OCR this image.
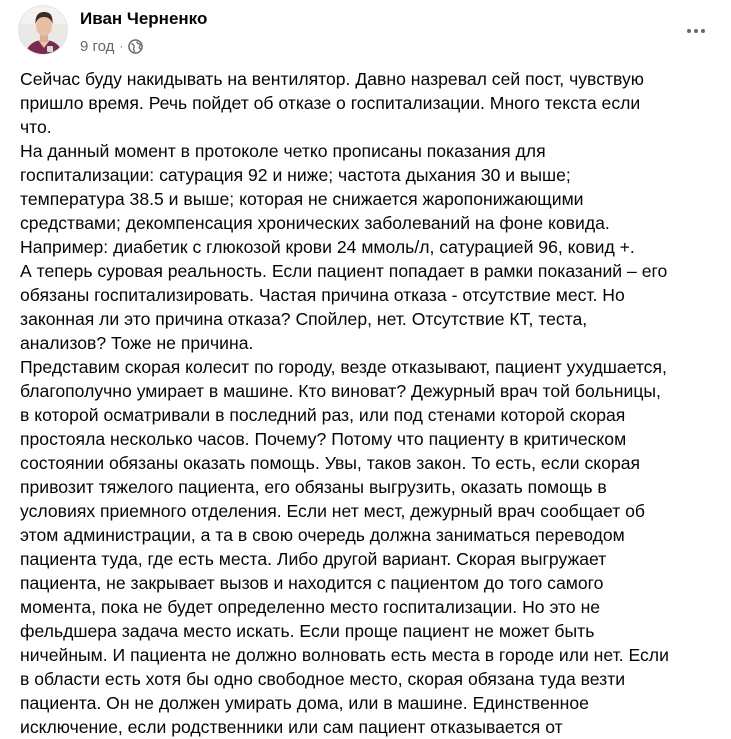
Иван Черненко
9 год ·

Сейчас буду накидывать на вентилятор. Давно назревал сей пост, чувствую

пришло время. Речь пойдет об отказе о госпитализации. Много текста если

что.

На данный момент в протоколе четко прописаны показания для

госпитализации: сатурация 92 и ниже; частота дыхания 30 и выше;

температура 38.5 и выше; которая не снижается жаропонижающими

средствами; декомпенсация хронических заболеваний на фоне ковида.

Например: диабетик с глюкозой крови 24 ммоль/л, сатурацией 96, ковид +.

А теперь суровая реальность. Если пациент попадает в рамки показаний – его

обязаны госпитализировать. Частая причина отказа - отсутствие мест. Но

законная ли это причина отказа? Спойлер, нет. Отсутствие КТ, теста,

анализов? Тоже не причина.

Представим скорая колесит по городу, везде отказывают, пациент ухудшается,

благополучно умирает в машине. Кто виноват? Дежурный врач той больницы,

в которой осматривали в последний раз, или под стенами которой скорая

простояла несколько часов. Почему? Потому что пациенту в критическом

состоянии обязаны оказать помощь. Увы, таков закон. То есть, если скорая

привозит тяжелого пациента, его обязаны выгрузить, оказать помощь в

условиях приемного отделения. Если нет мест, дежурный врач сообщает об

этом администрации, а та в свою очередь должна заниматься переводом

пациента туда, где есть места. Либо другой вариант. Скорая выгружает

пациента, не закрывает вызов и находится с пациентом до того самого

момента, пока не будет определенно место госпитализации. Но это не

фельдшера задача место искать. Если проще пациент не может быть

ничейным. И пациента не должно волновать есть места в городе или нет. Если

в области есть хотя бы одно свободное место, скорая обязана туда везти

пациента. Он не должен умирать дома, или в машине. Единственное

исключение, если родственники или сам пациент отказывается от
